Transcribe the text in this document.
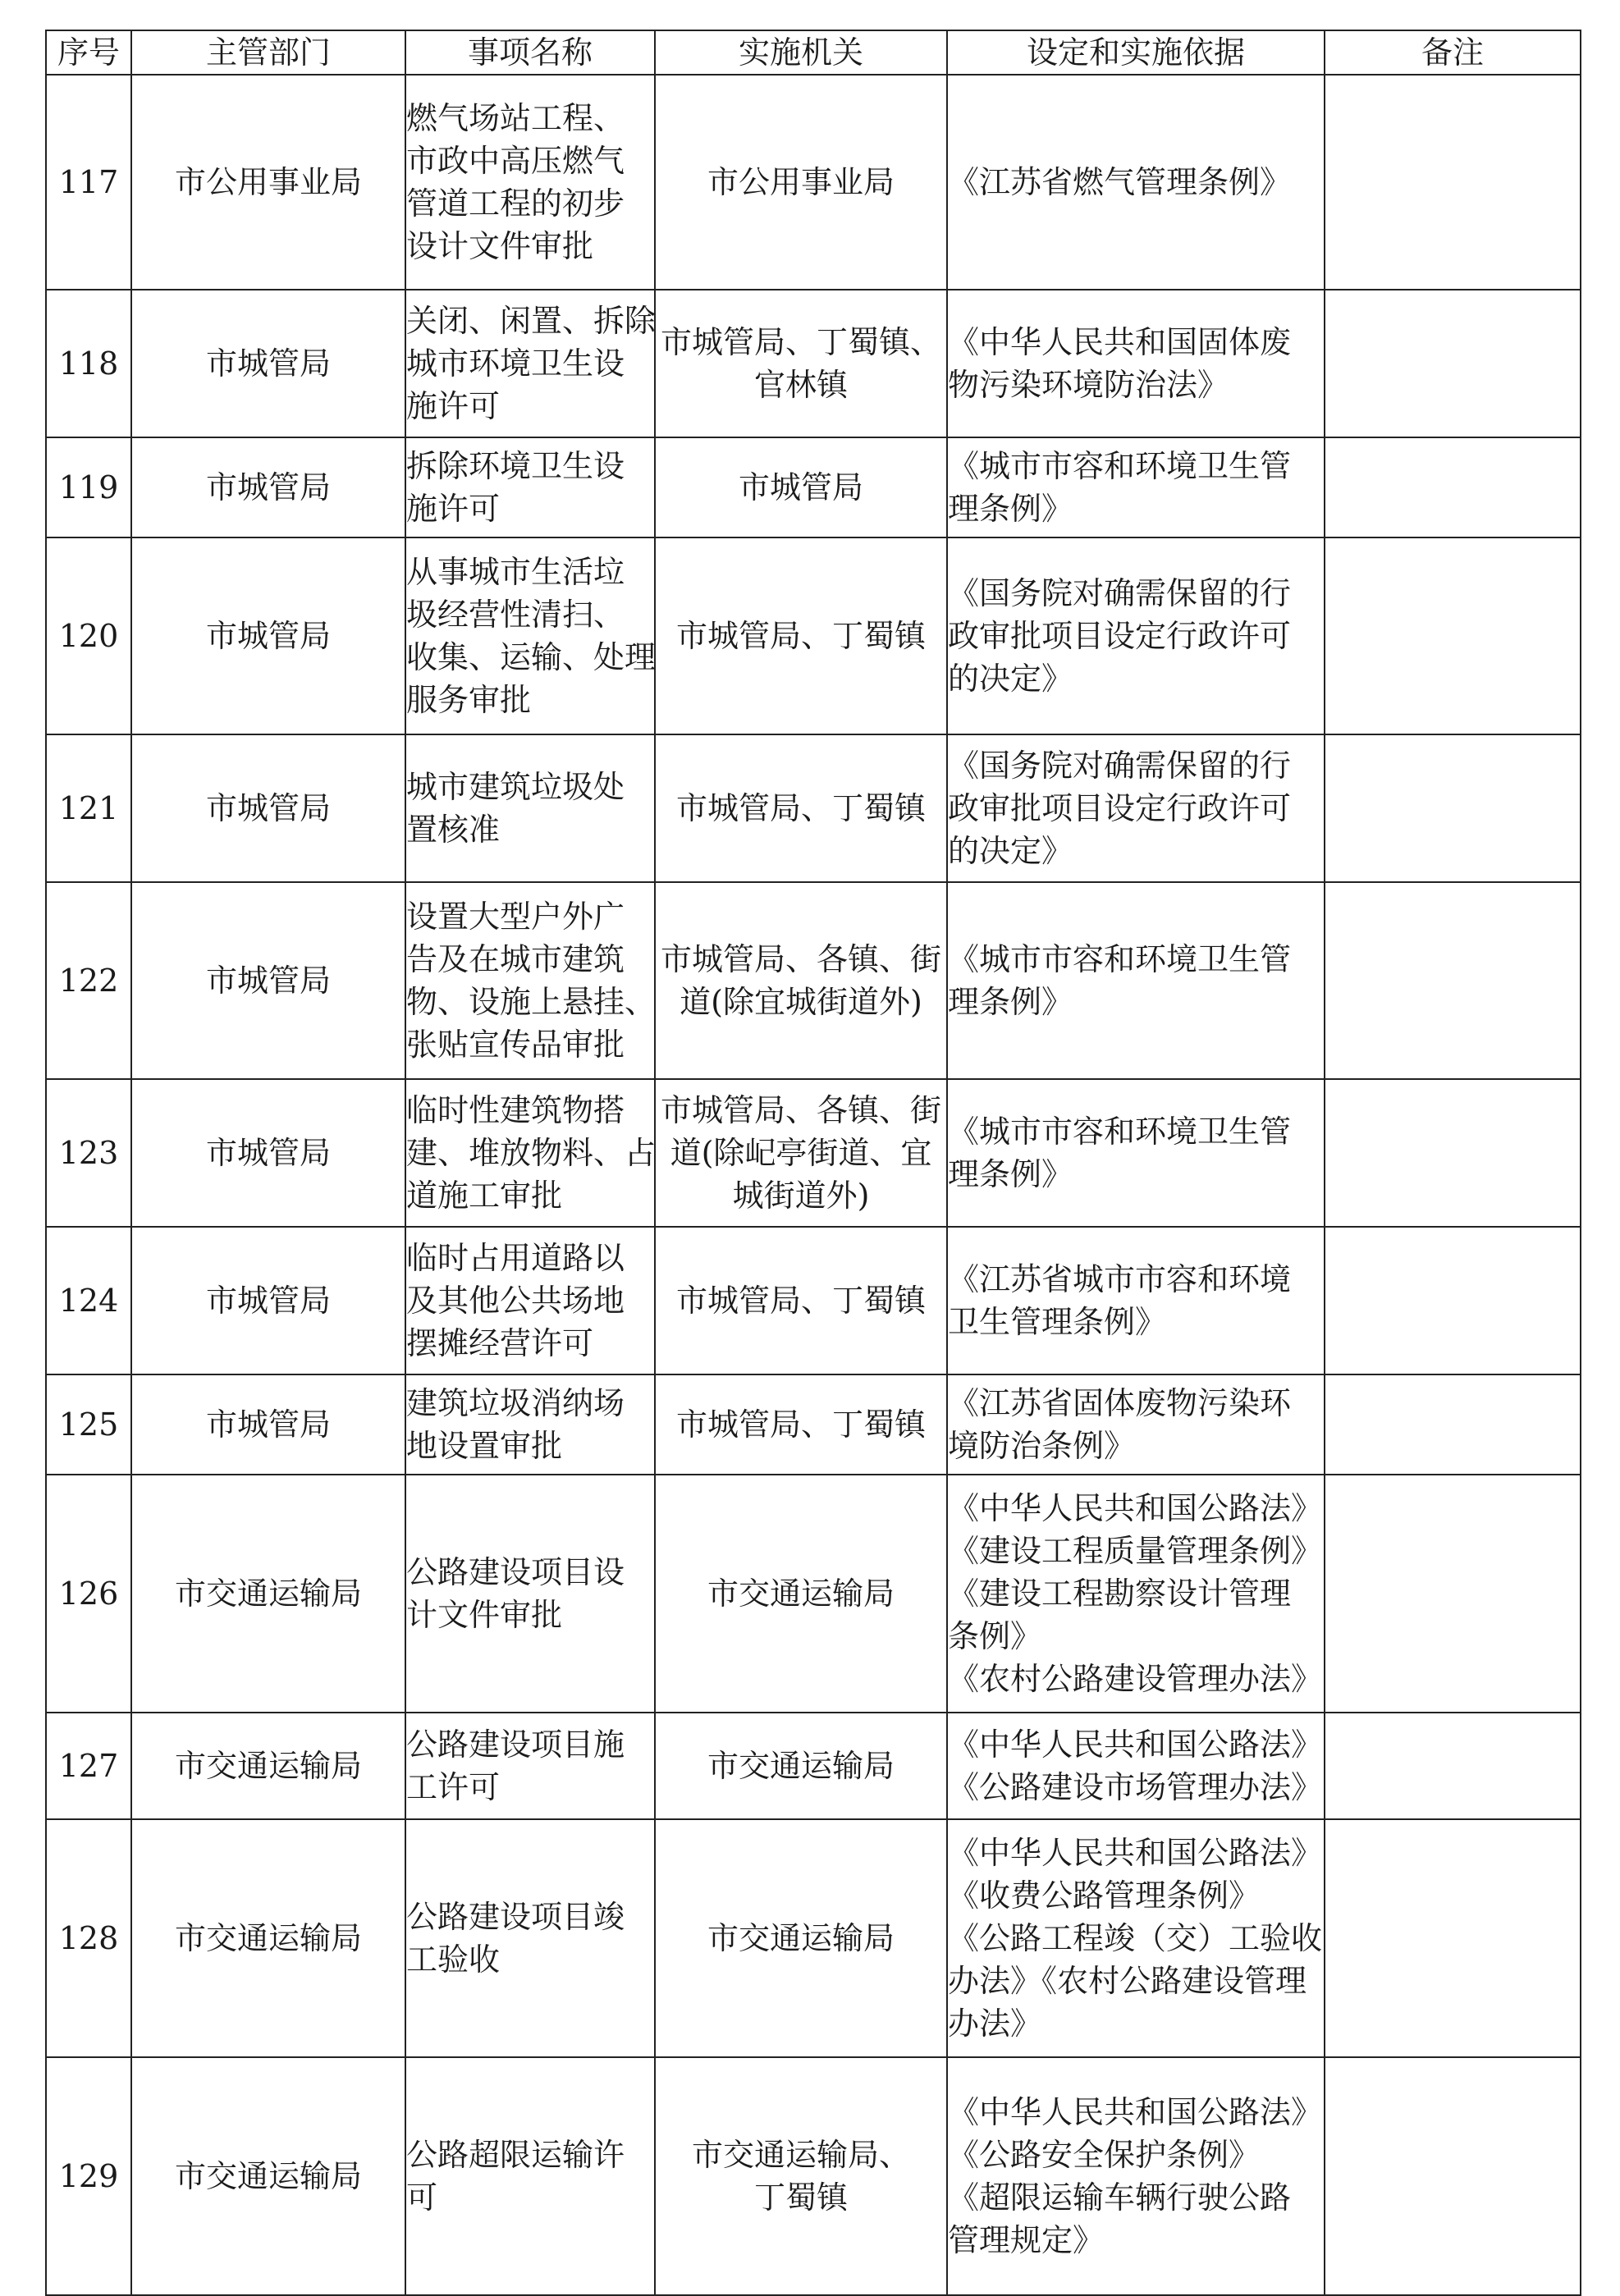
序号	主管部门	事项名称	实施机关	设定和实施依据	备注
117	市公用事业局	燃气场站工程、
市政中高压燃气
管道工程的初步
设计文件审批	市公用事业局	《江苏省燃气管理条例》	

118	市城管局	关闭、闲置、拆除
城市环境卫生设
施许可	市城管局、丁蜀镇、
官林镇	《中华人民共和国固体废
物污染环境防治法》	

119	市城管局	拆除环境卫生设
施许可	市城管局	《城市市容和环境卫生管
理条例》	

120	市城管局	从事城市生活垃
圾经营性清扫、
收集、运输、处理
服务审批	市城管局、丁蜀镇	《国务院对确需保留的行
政审批项目设定行政许可
的决定》	

121	市城管局	城市建筑垃圾处
置核准	市城管局、丁蜀镇	《国务院对确需保留的行
政审批项目设定行政许可
的决定》	

122	市城管局	设置大型户外广
告及在城市建筑
物、设施上悬挂、
张贴宣传品审批	市城管局、各镇、街
道(除宜城街道外)	《城市市容和环境卫生管
理条例》	

123	市城管局	临时性建筑物搭
建、堆放物料、占
道施工审批	市城管局、各镇、街
道(除屺亭街道、宜
城街道外)	《城市市容和环境卫生管
理条例》	

124	市城管局	临时占用道路以
及其他公共场地
摆摊经营许可	市城管局、丁蜀镇	《江苏省城市市容和环境
卫生管理条例》	

125	市城管局	建筑垃圾消纳场
地设置审批	市城管局、丁蜀镇	《江苏省固体废物污染环
境防治条例》	

126	市交通运输局	公路建设项目设
计文件审批	市交通运输局	《中华人民共和国公路法》
《建设工程质量管理条例》
《建设工程勘察设计管理
条例》
《农村公路建设管理办法》	

127	市交通运输局	公路建设项目施
工许可	市交通运输局	《中华人民共和国公路法》
《公路建设市场管理办法》	

128	市交通运输局	公路建设项目竣
工验收	市交通运输局	《中华人民共和国公路法》
《收费公路管理条例》
《公路工程竣（交）工验收
办法》《农村公路建设管理
办法》	

129	市交通运输局	公路超限运输许
可	市交通运输局、
丁蜀镇	《中华人民共和国公路法》
《公路安全保护条例》
《超限运输车辆行驶公路
管理规定》	
